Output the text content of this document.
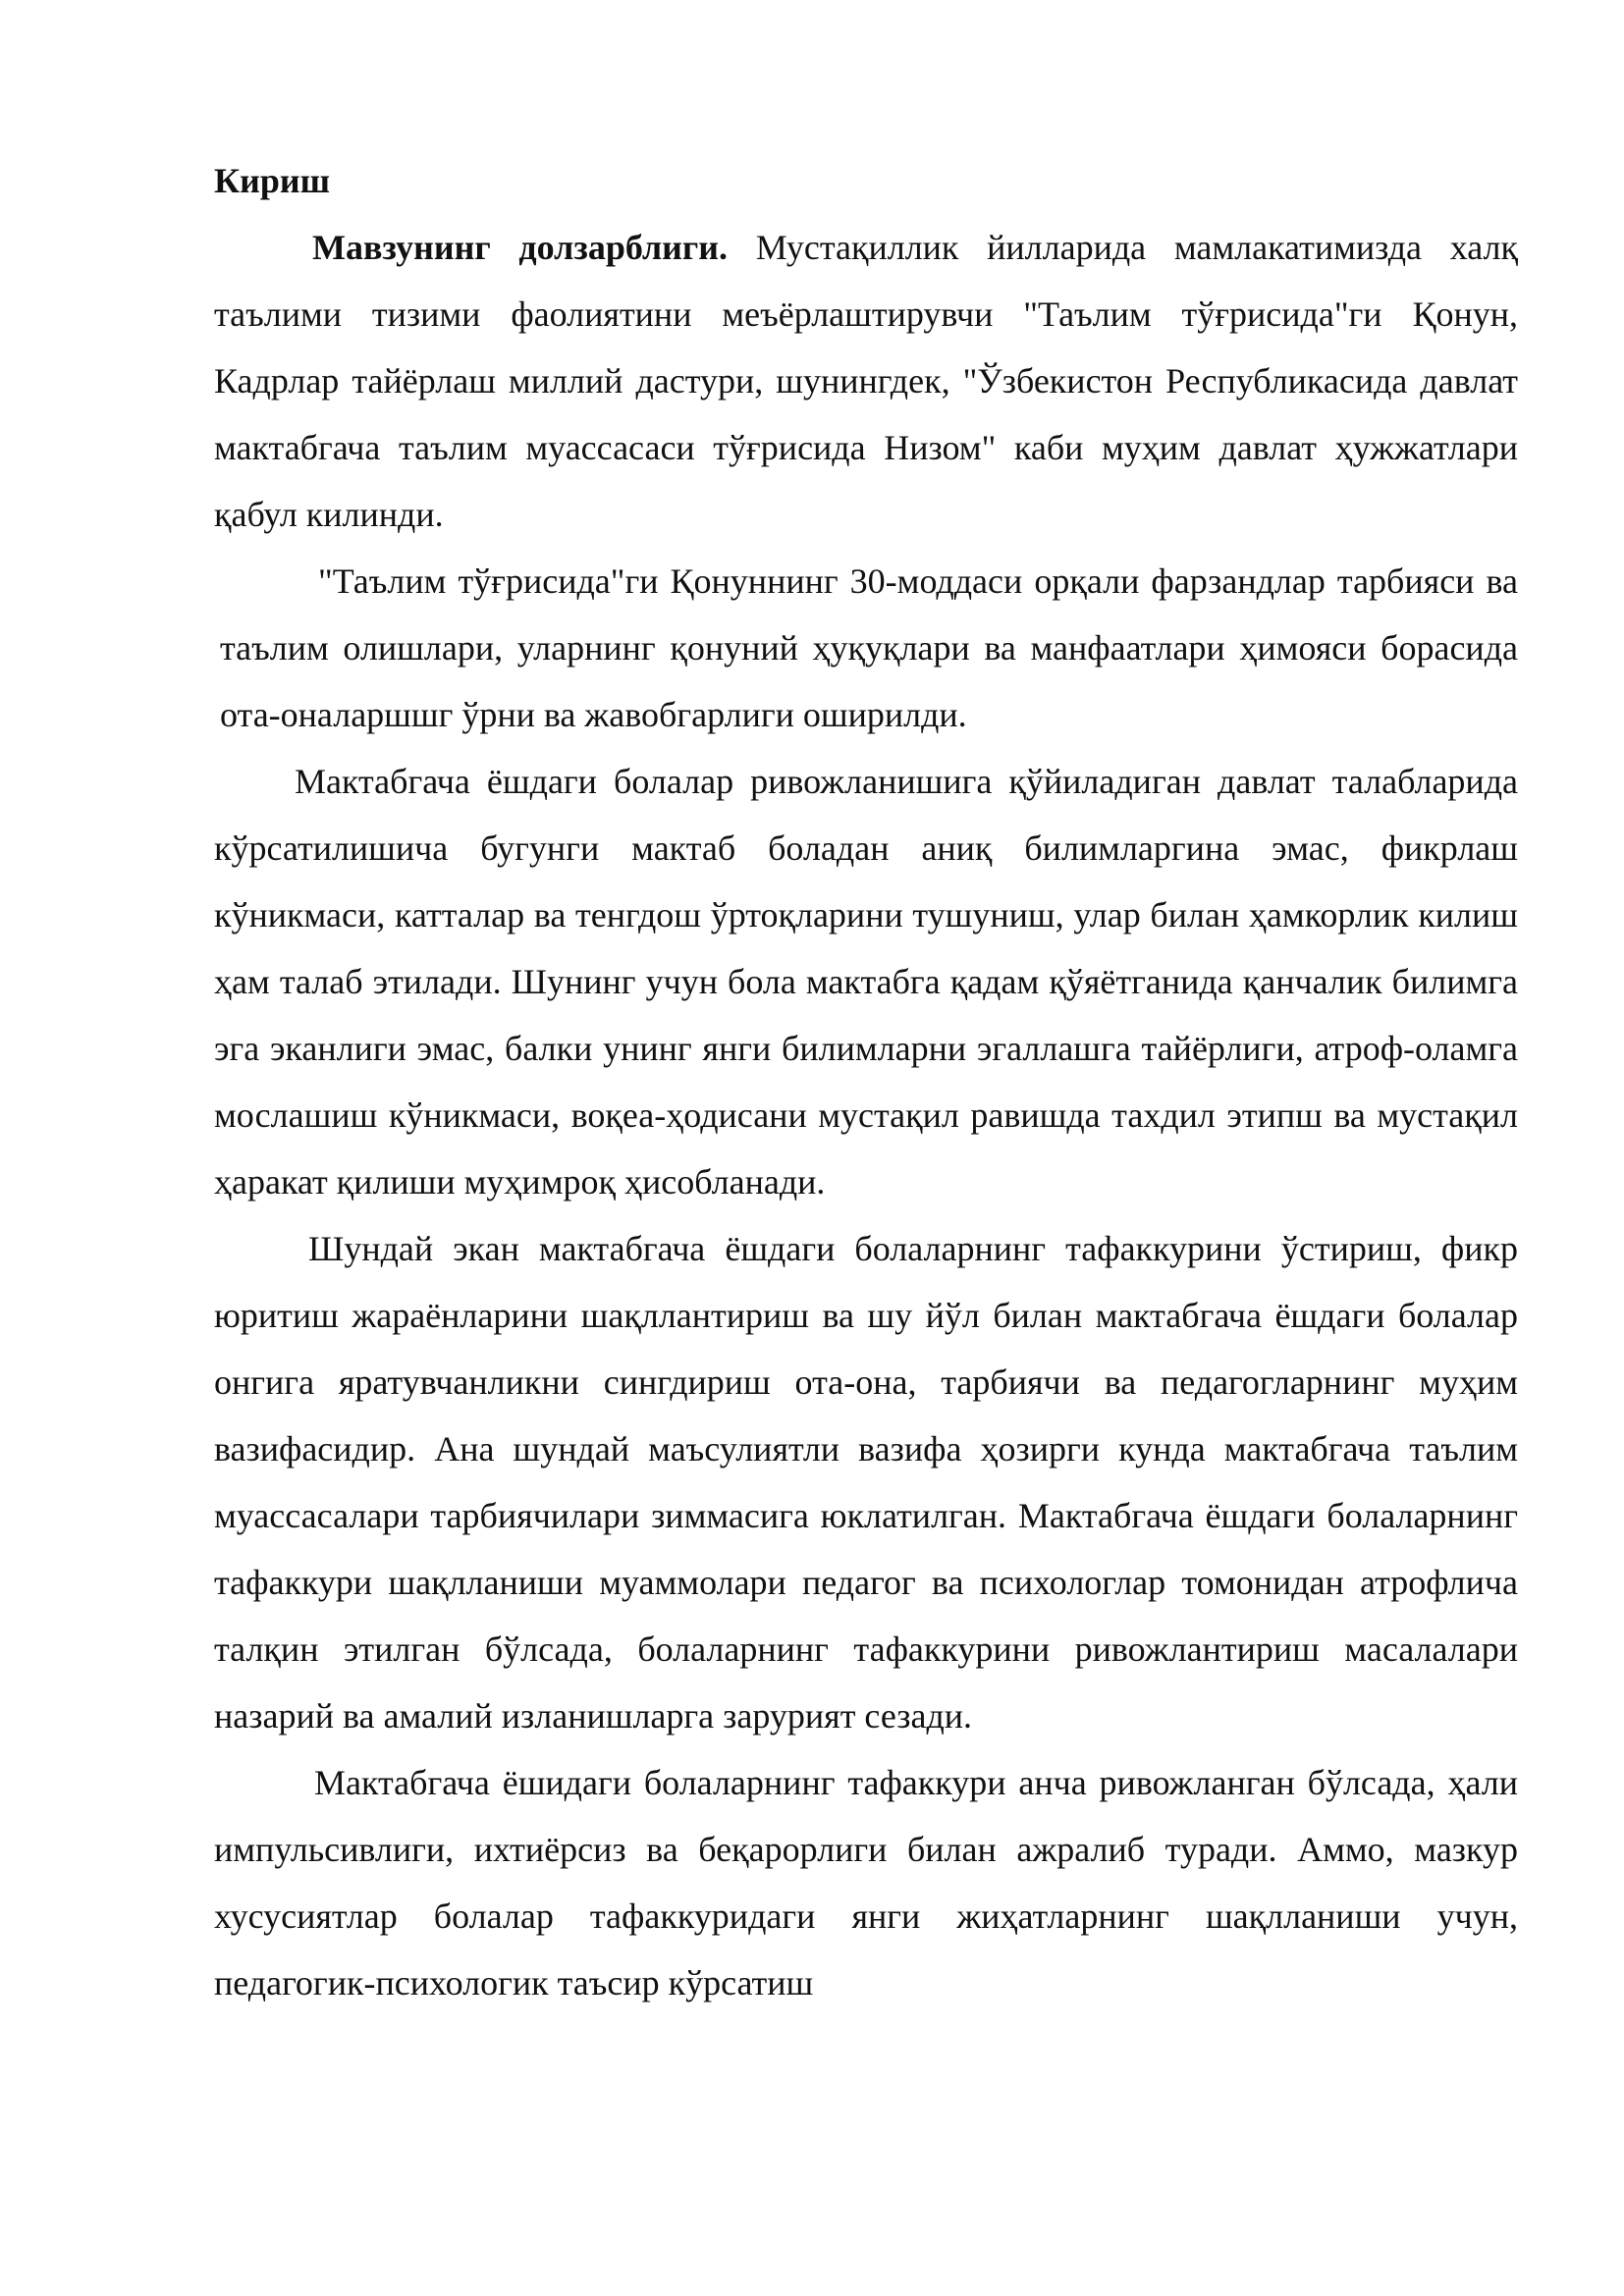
Кириш

Мавзунинг долзарблиги. Мустақиллик йилларида мамлакатимизда халқ таълими тизими фаолиятини меъёрлаштирувчи "Таълим тўғрисида"ги Қонун, Кадрлар тайёрлаш миллий дастури, шунингдек, "Ўзбекистон Республикасида давлат мактабгача таълим муассасаси тўғрисида Низом" каби муҳим давлат ҳужжатлари қабул килинди.

"Таълим тўғрисида"ги Қонуннинг 30-моддаси орқали фарзандлар тарбияси ва таълим олишлари, уларнинг қонуний ҳуқуқлари ва манфаатлари ҳимояси борасида ота-оналаршшг ўрни ва жавобгарлиги оширилди.

Мактабгача ёшдаги болалар ривожланишига қўйиладиган давлат талабларида кўрсатилишича бугунги мактаб боладан аниқ билимларгина эмас, фикрлаш кўникмаси, катталар ва тенгдош ўртоқларини тушуниш, улар билан ҳамкорлик килиш ҳам талаб этилади. Шунинг учун бола мактабга қадам қўяётганида қанчалик билимга эга эканлиги эмас, балки унинг янги билимларни эгаллашга тайёрлиги, атроф-оламга мослашиш кўникмаси, воқеа-ҳодисани мустақил равишда тахдил этипш ва мустақил ҳаракат қилиши муҳимроқ ҳисобланади.

Шундай экан мактабгача ёшдаги болаларнинг тафаккурини ўстириш, фикр юритиш жараёнларини шақллантириш ва шу йўл билан мактабгача ёшдаги болалар онгига яратувчанликни сингдириш ота-она, тарбиячи ва педагогларнинг муҳим вазифасидир. Ана шундай маъсулиятли вазифа ҳозирги кунда мактабгача таълим муассасалари тарбиячилари зиммасига юклатилган. Мактабгача ёшдаги болаларнинг тафаккури шақлланиши муаммолари педагог ва психологлар томонидан атрофлича талқин этилган бўлсада, болаларнинг тафаккурини ривожлантириш масалалари назарий ва амалий изланишларга зарурият сезади.

Мактабгача ёшидаги болаларнинг тафаккури анча ривожланган бўлсада, ҳали импульсивлиги, ихтиёрсиз ва беқарорлиги билан ажралиб туради. Аммо, мазкур хусусиятлар болалар тафаккуридаги янги жиҳатларнинг шақлланиши учун, педагогик-психологик таъсир кўрсатиш
